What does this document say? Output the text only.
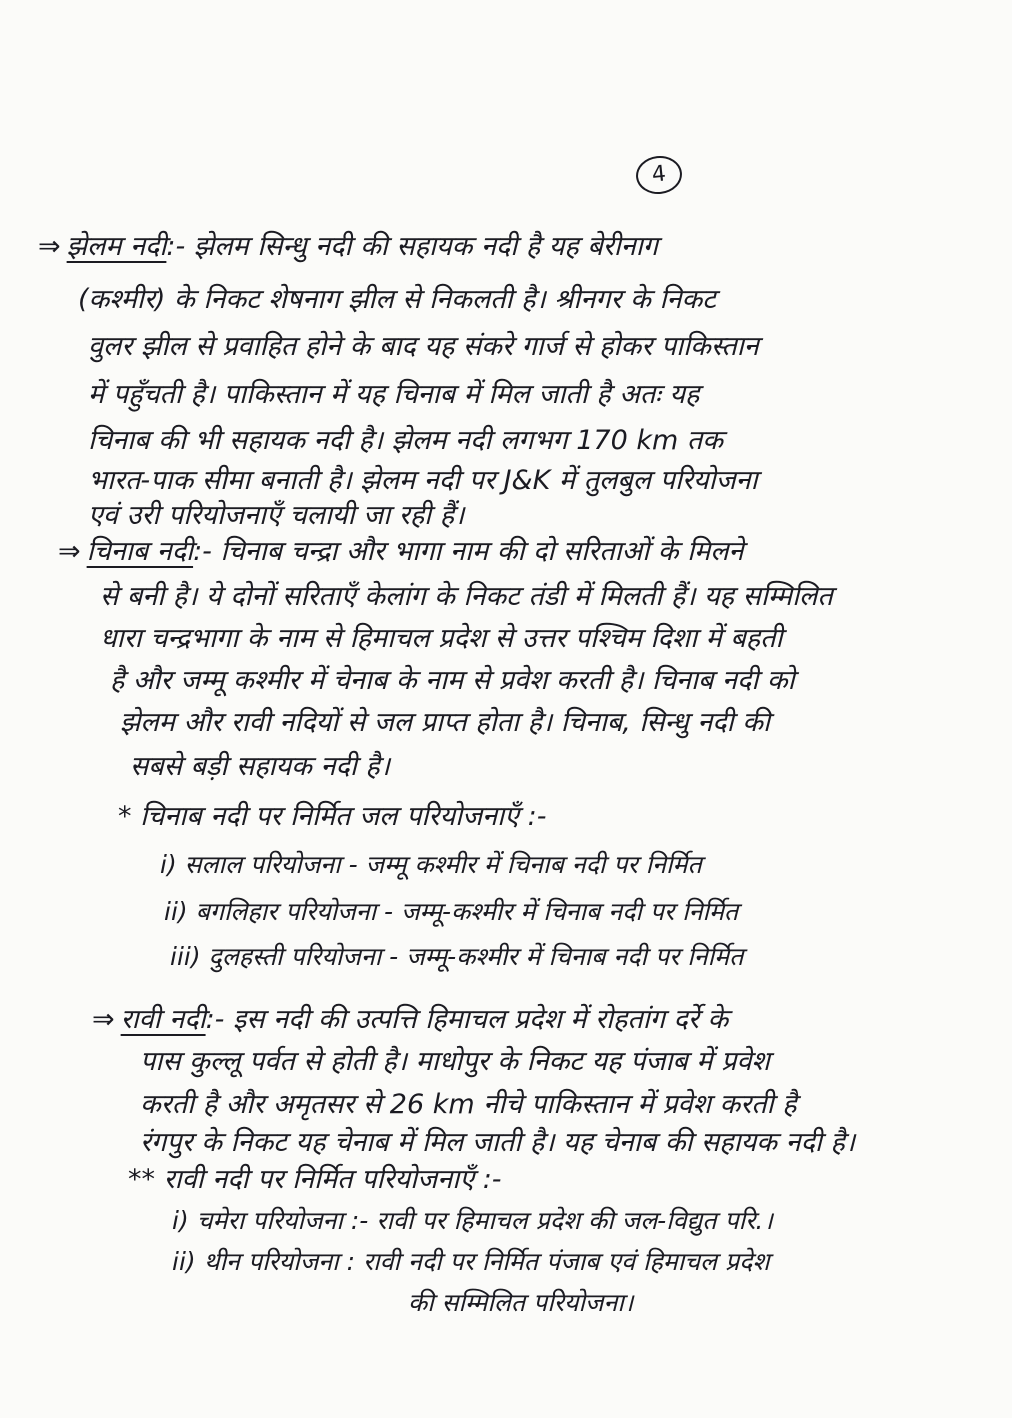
4
⇒ झेलम नदी:- झेलम सिन्धु नदी की सहायक नदी है यह बेरीनाग
(कश्मीर) के निकट शेषनाग झील से निकलती है। श्रीनगर के निकट
वुलर झील से प्रवाहित होने के बाद यह संकरे गार्ज से होकर पाकिस्तान
में पहुँचती है। पाकिस्तान में यह चिनाब में मिल जाती है अतः यह
चिनाब की भी सहायक नदी है। झेलम नदी लगभग 170 km तक
भारत-पाक सीमा बनाती है। झेलम नदी पर J&K में तुलबुल परियोजना
एवं उरी परियोजनाएँ चलायी जा रही हैं।
⇒ चिनाब नदी:- चिनाब चन्द्रा और भागा नाम की दो सरिताओं के मिलने
से बनी है। ये दोनों सरिताएँ केलांग के निकट तंडी में मिलती हैं। यह सम्मिलित
धारा चन्द्रभागा के नाम से हिमाचल प्रदेश से उत्तर पश्चिम दिशा में बहती
है और जम्मू कश्मीर में चेनाब के नाम से प्रवेश करती है। चिनाब नदी को
झेलम और रावी नदियों से जल प्राप्त होता है। चिनाब, सिन्धु नदी की
सबसे बड़ी सहायक नदी है।
* चिनाब नदी पर निर्मित जल परियोजनाएँ :-
i) सलाल परियोजना - जम्मू कश्मीर में चिनाब नदी पर निर्मित
ii) बगलिहार परियोजना - जम्मू-कश्मीर में चिनाब नदी पर निर्मित
iii) दुलहस्ती परियोजना - जम्मू-कश्मीर में चिनाब नदी पर निर्मित
⇒ रावी नदी:- इस नदी की उत्पत्ति हिमाचल प्रदेश में रोहतांग दर्रे के
पास कुल्लू पर्वत से होती है। माधोपुर के निकट यह पंजाब में प्रवेश
करती है और अमृतसर से 26 km नीचे पाकिस्तान में प्रवेश करती है
रंगपुर के निकट यह चेनाब में मिल जाती है। यह चेनाब की सहायक नदी है।
** रावी नदी पर निर्मित परियोजनाएँ :-
i) चमेरा परियोजना :- रावी पर हिमाचल प्रदेश की जल-विद्युत परि.।
ii) थीन परियोजना : रावी नदी पर निर्मित पंजाब एवं हिमाचल प्रदेश
की सम्मिलित परियोजना।
